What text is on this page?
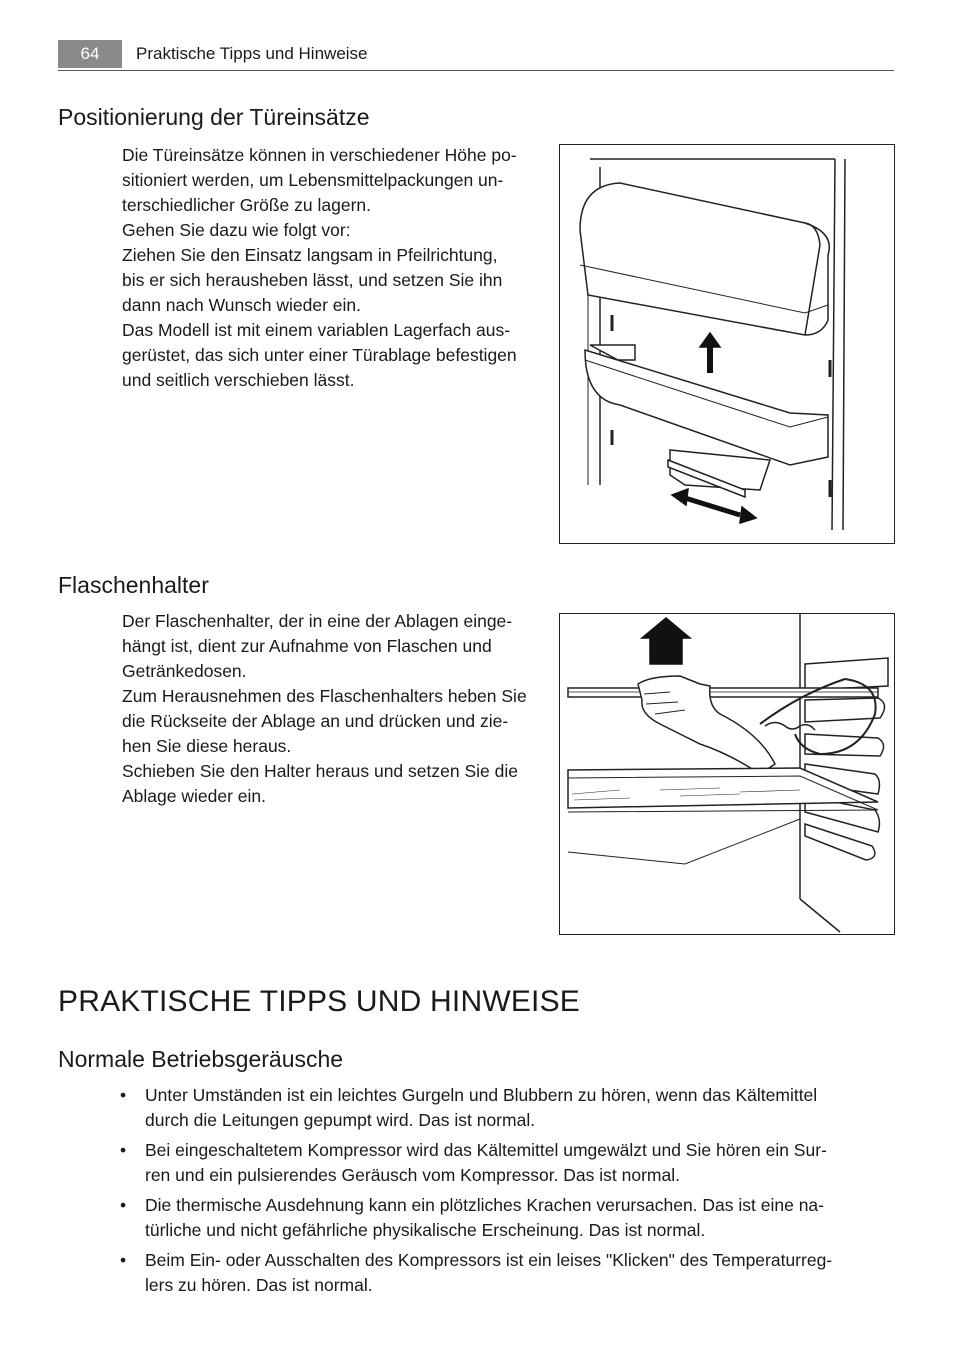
64	Praktische Tipps und Hinweise
Positionierung der Türeinsätze

Die Türeinsätze können in verschiedener Höhe po-

sitioniert werden, um Lebensmittelpackungen un-

terschiedlicher Größe zu lagern.

Gehen Sie dazu wie folgt vor:

Ziehen Sie den Einsatz langsam in Pfeilrichtung,

bis er sich herausheben lässt, und setzen Sie ihn

dann nach Wunsch wieder ein.

Das Modell ist mit einem variablen Lagerfach aus-

gerüstet, das sich unter einer Türablage befestigen

und seitlich verschieben lässt.

Flaschenhalter

Der Flaschenhalter, der in eine der Ablagen einge-

hängt ist, dient zur Aufnahme von Flaschen und

Getränkedosen.

Zum Herausnehmen des Flaschenhalters heben Sie

die Rückseite der Ablage an und drücken und zie-

hen Sie diese heraus.

Schieben Sie den Halter heraus und setzen Sie die

Ablage wieder ein.

PRAKTISCHE TIPPS UND HINWEISE
Normale Betriebsgeräusche
• Unter Umständen ist ein leichtes Gurgeln und Blubbern zu hören, wenn das Kältemittel
durch die Leitungen gepumpt wird. Das ist normal.
• Bei eingeschaltetem Kompressor wird das Kältemittel umgewälzt und Sie hören ein Sur-
ren und ein pulsierendes Geräusch vom Kompressor. Das ist normal.
• Die thermische Ausdehnung kann ein plötzliches Krachen verursachen. Das ist eine na-
türliche und nicht gefährliche physikalische Erscheinung. Das ist normal.
• Beim Ein- oder Ausschalten des Kompressors ist ein leises "Klicken" des Temperaturreg-
lers zu hören. Das ist normal.
